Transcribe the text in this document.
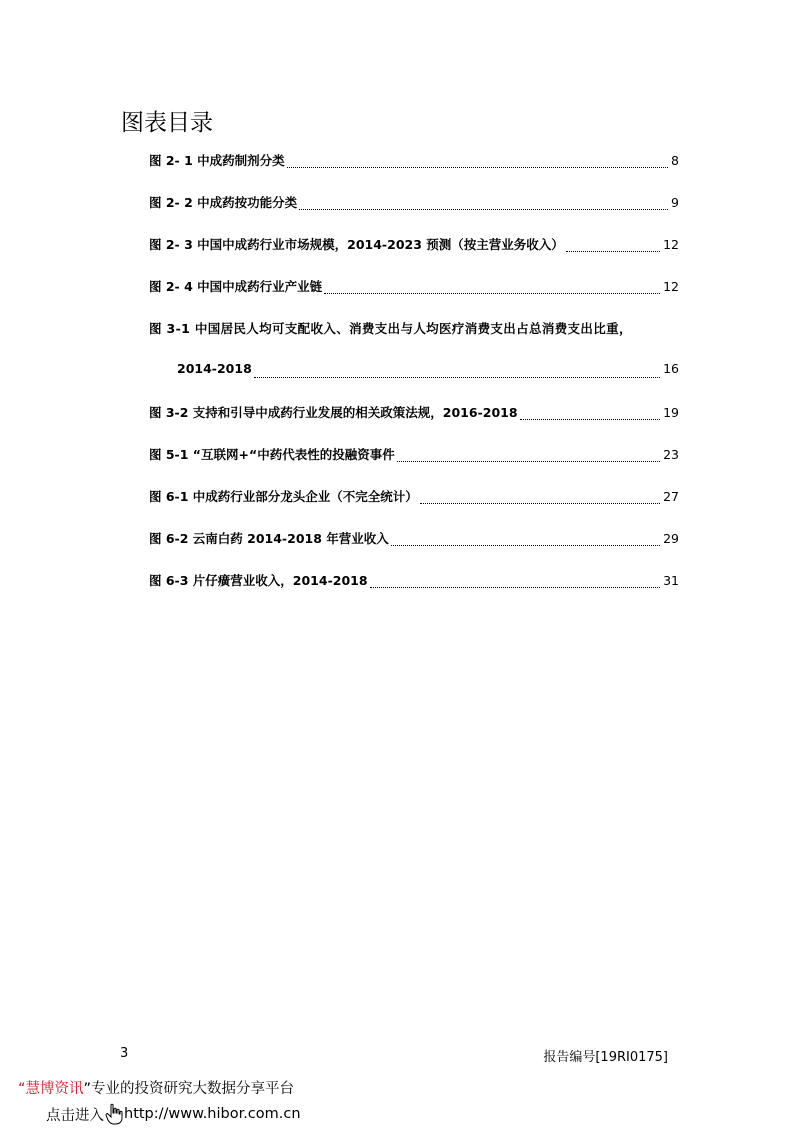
图表目录
图 2- 1 中成药制剂分类	8
图 2- 2 中成药按功能分类	9
图 2- 3 中国中成药行业市场规模，2014-2023 预测（按主营业务收入）	12
图 2- 4 中国中成药行业产业链	12
图 3-1 中国居民人均可支配收入、消费支出与人均医疗消费支出占总消费支出比重，
2014-2018	16
图 3-2 支持和引导中成药行业发展的相关政策法规，2016-2018	19
图 5-1 “互联网+“中药代表性的投融资事件	23
图 6-1 中成药行业部分龙头企业（不完全统计）	27
图 6-2 云南白药 2014-2018 年营业收入	29
图 6-3 片仔癀营业收入，2014-2018	31
3	报告编号[19RI0175]
“慧博资讯”专业的投资研究大数据分享平台
点击进入 http://www.hibor.com.cn
